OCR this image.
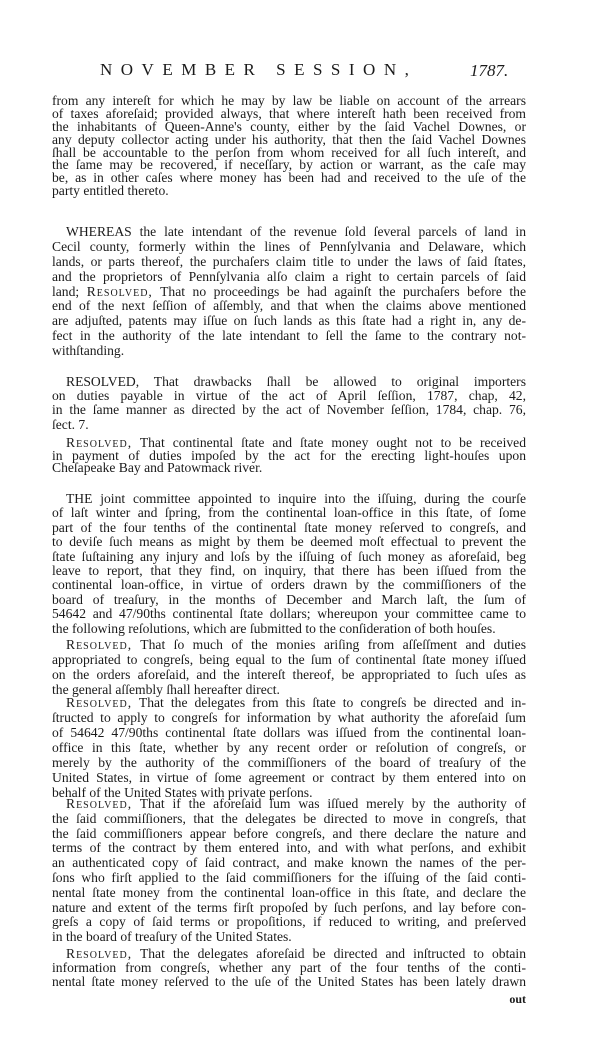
NOVEMBER SESSION,	1787.
from any intereſt for which he may by law be liable on account of the arrears
of taxes aforeſaid; provided always, that where intereſt hath been received from
the inhabitants of Queen-Anne's county, either by the ſaid Vachel Downes, or
any deputy collector acting under his authority, that then the ſaid Vachel Downes
ſhall be accountable to the perſon from whom received for all ſuch intereſt, and
the ſame may be recovered, if neceſſary, by action or warrant, as the caſe may
be, as in other caſes where money has been had and received to the uſe of the
party entitled thereto.
WHEREAS the late intendant of the revenue ſold ſeveral parcels of land in
Cecil county, formerly within the lines of Pennſylvania and Delaware, which
lands, or parts thereof, the purchaſers claim title to under the laws of ſaid ſtates,
and the proprietors of Pennſylvania alſo claim a right to certain parcels of ſaid
land; Resolved, That no proceedings be had againſt the purchaſers before the
end of the next ſeſſion of aſſembly, and that when the claims above mentioned
are adjuſted, patents may iſſue on ſuch lands as this ſtate had a right in, any de-
fect in the authority of the late intendant to ſell the ſame to the contrary not-
withſtanding.
RESOLVED, That drawbacks ſhall be allowed to original importers
on duties payable in virtue of the act of April ſeſſion, 1787, chap, 42,
in the ſame manner as directed by the act of November ſeſſion, 1784, chap. 76,
ſect. 7.
Resolved, That continental ſtate and ſtate money ought not to be received
in payment of duties impoſed by the act for the erecting light-houſes upon
Cheſapeake Bay and Patowmack river.
THE joint committee appointed to inquire into the iſſuing, during the courſe
of laſt winter and ſpring, from the continental loan-office in this ſtate, of ſome
part of the four tenths of the continental ſtate money reſerved to congreſs, and
to deviſe ſuch means as might by them be deemed moſt effectual to prevent the
ſtate ſuſtaining any injury and loſs by the iſſuing of ſuch money as aforeſaid, beg
leave to report, that they find, on inquiry, that there has been iſſued from the
continental loan-office, in virtue of orders drawn by the commiſſioners of the
board of treaſury, in the months of December and March laſt, the ſum of
54642 and 47/90ths continental ſtate dollars; whereupon your committee came to
the following reſolutions, which are ſubmitted to the conſideration of both houſes.
Resolved, That ſo much of the monies ariſing from aſſeſſment and duties
appropriated to congreſs, being equal to the ſum of continental ſtate money iſſued
on the orders aforeſaid, and the intereſt thereof, be appropriated to ſuch uſes as
the general aſſembly ſhall hereafter direct.
Resolved, That the delegates from this ſtate to congreſs be directed and in-
ſtructed to apply to congreſs for information by what authority the aforeſaid ſum
of 54642 47/90ths continental ſtate dollars was iſſued from the continental loan-
office in this ſtate, whether by any recent order or reſolution of congreſs, or
merely by the authority of the commiſſioners of the board of treaſury of the
United States, in virtue of ſome agreement or contract by them entered into on
behalf of the United States with private perſons.
Resolved, That if the aforeſaid ſum was iſſued merely by the authority of
the ſaid commiſſioners, that the delegates be directed to move in congreſs, that
the ſaid commiſſioners appear before congreſs, and there declare the nature and
terms of the contract by them entered into, and with what perſons, and exhibit
an authenticated copy of ſaid contract, and make known the names of the per-
ſons who firſt applied to the ſaid commiſſioners for the iſſuing of the ſaid conti-
nental ſtate money from the continental loan-office in this ſtate, and declare the
nature and extent of the terms firſt propoſed by ſuch perſons, and lay before con-
greſs a copy of ſaid terms or propoſitions, if reduced to writing, and preſerved
in the board of treaſury of the United States.
Resolved, That the delegates aforeſaid be directed and inſtructed to obtain
information from congreſs, whether any part of the four tenths of the conti-
nental ſtate money reſerved to the uſe of the United States has been lately drawn
out
